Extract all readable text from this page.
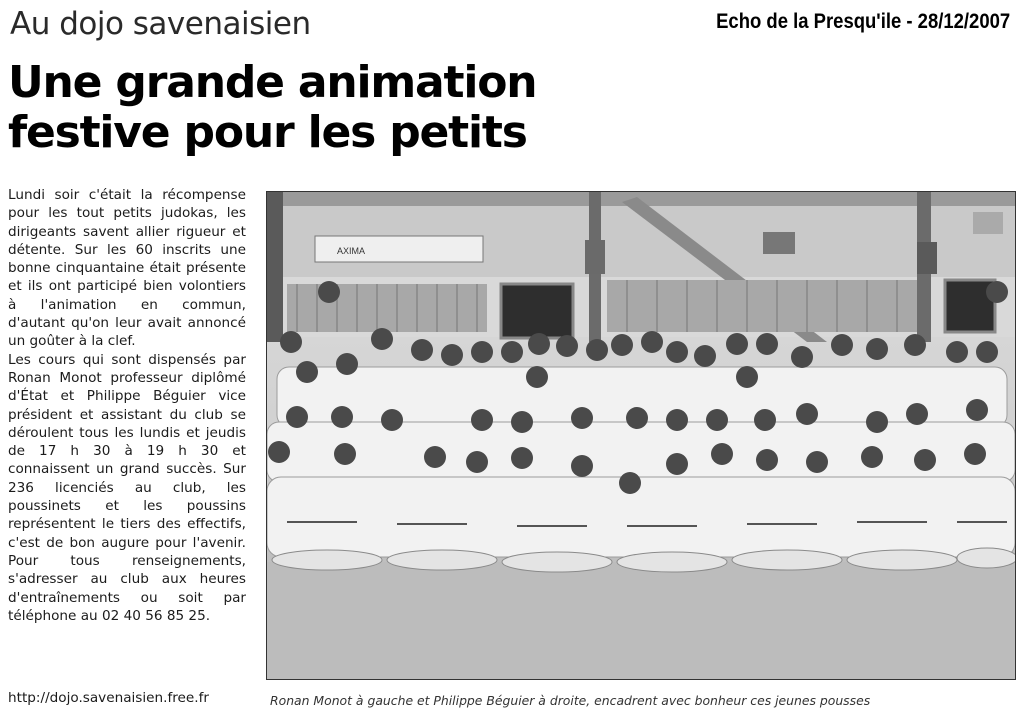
Au dojo savenaisien	Echo de la Presqu'ile - 28/12/2007
Une grande animation festive pour les petits
Lundi soir c'était la récompense pour les tout petits judokas, les dirigeants savent allier rigueur et détente. Sur les 60 inscrits une bonne cinquantaine était présente et ils ont participé bien volontiers à l'animation en commun, d'autant qu'on leur avait annoncé un goûter à la clef.
Les cours qui sont dispensés par Ronan Monot professeur diplômé d'État et Philippe Béguier vice président et assistant du club se déroulent tous les lundis et jeudis de 17 h 30 à 19 h 30 et connaissent un grand succès. Sur 236 licenciés au club, les poussinets et les poussins représentent le tiers des effectifs, c'est de bon augure pour l'avenir. Pour tous renseignements, s'adresser au club aux heures d'entraînements ou soit par téléphone au 02 40 56 85 25.
http://dojo.savenaisien.free.fr
AXIMA
Ronan Monot à gauche et Philippe Béguier à droite, encadrent avec bonheur ces jeunes pousses
